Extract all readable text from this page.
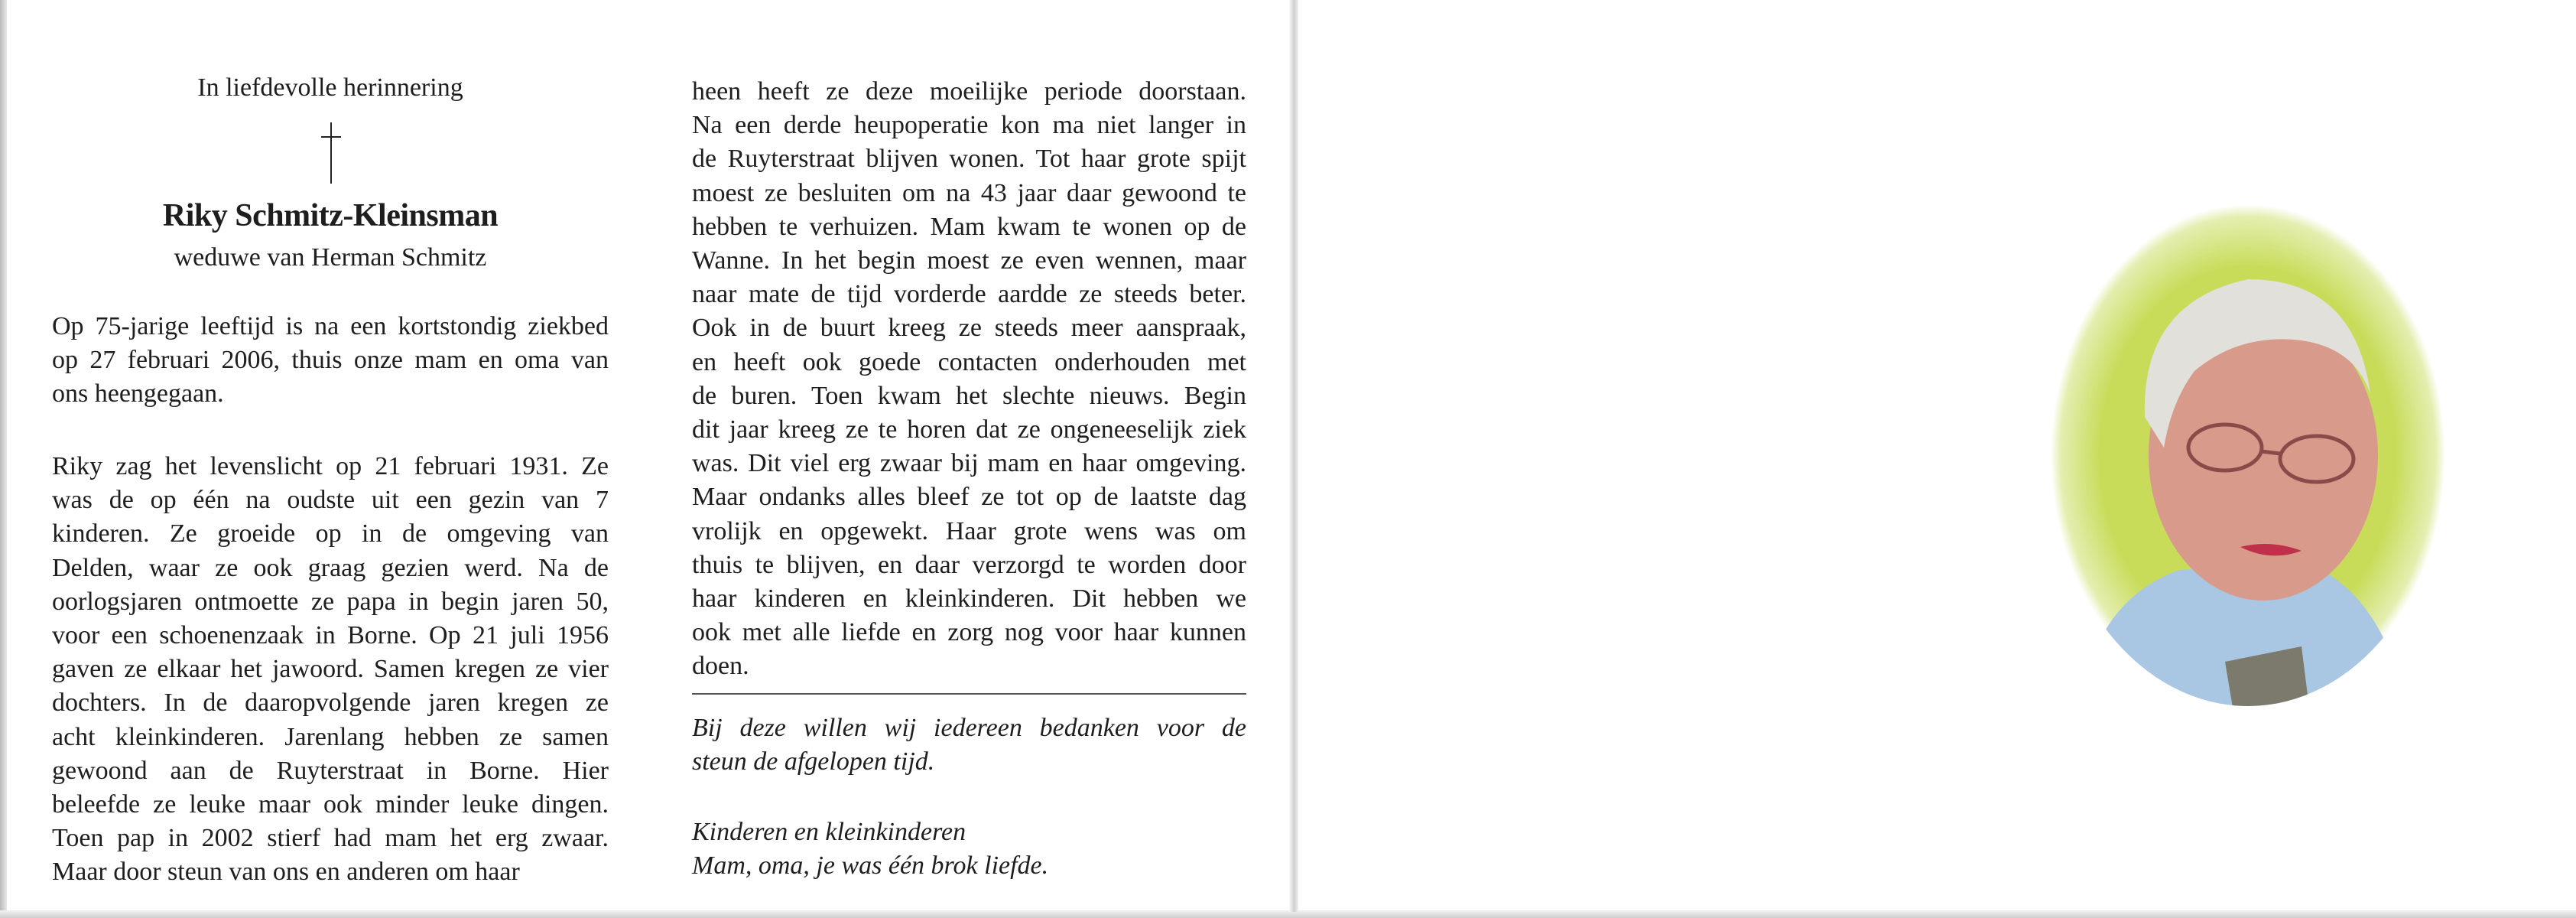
In liefdevolle herinnering
Riky Schmitz-Kleinsman
weduwe van Herman Schmitz
Op 75-jarige leeftijd is na een kortstondig ziekbed
op 27 februari 2006, thuis onze mam en oma van
ons heengegaan.
Riky zag het levenslicht op 21 februari 1931. Ze
was de op één na oudste uit een gezin van 7
kinderen. Ze groeide op in de omgeving van
Delden, waar ze ook graag gezien werd. Na de
oorlogsjaren ontmoette ze papa in begin jaren 50,
voor een schoenenzaak in Borne. Op 21 juli 1956
gaven ze elkaar het jawoord. Samen kregen ze vier
dochters. In de daaropvolgende jaren kregen ze
acht kleinkinderen. Jarenlang hebben ze samen
gewoond aan de Ruyterstraat in Borne. Hier
beleefde ze leuke maar ook minder leuke dingen.
Toen pap in 2002 stierf had mam het erg zwaar.
Maar door steun van ons en anderen om haar
heen heeft ze deze moeilijke periode doorstaan.
Na een derde heupoperatie kon ma niet langer in
de Ruyterstraat blijven wonen. Tot haar grote spijt
moest ze besluiten om na 43 jaar daar gewoond te
hebben te verhuizen. Mam kwam te wonen op de
Wanne. In het begin moest ze even wennen, maar
naar mate de tijd vorderde aardde ze steeds beter.
Ook in de buurt kreeg ze steeds meer aanspraak,
en heeft ook goede contacten onderhouden met
de buren. Toen kwam het slechte nieuws. Begin
dit jaar kreeg ze te horen dat ze ongeneeselijk ziek
was. Dit viel erg zwaar bij mam en haar omgeving.
Maar ondanks alles bleef ze tot op de laatste dag
vrolijk en opgewekt. Haar grote wens was om
thuis te blijven, en daar verzorgd te worden door
haar kinderen en kleinkinderen. Dit hebben we
ook met alle liefde en zorg nog voor haar kunnen
doen.
Bij deze willen wij iedereen bedanken voor de
steun de afgelopen tijd.
Kinderen en kleinkinderen
Mam, oma, je was één brok liefde.
